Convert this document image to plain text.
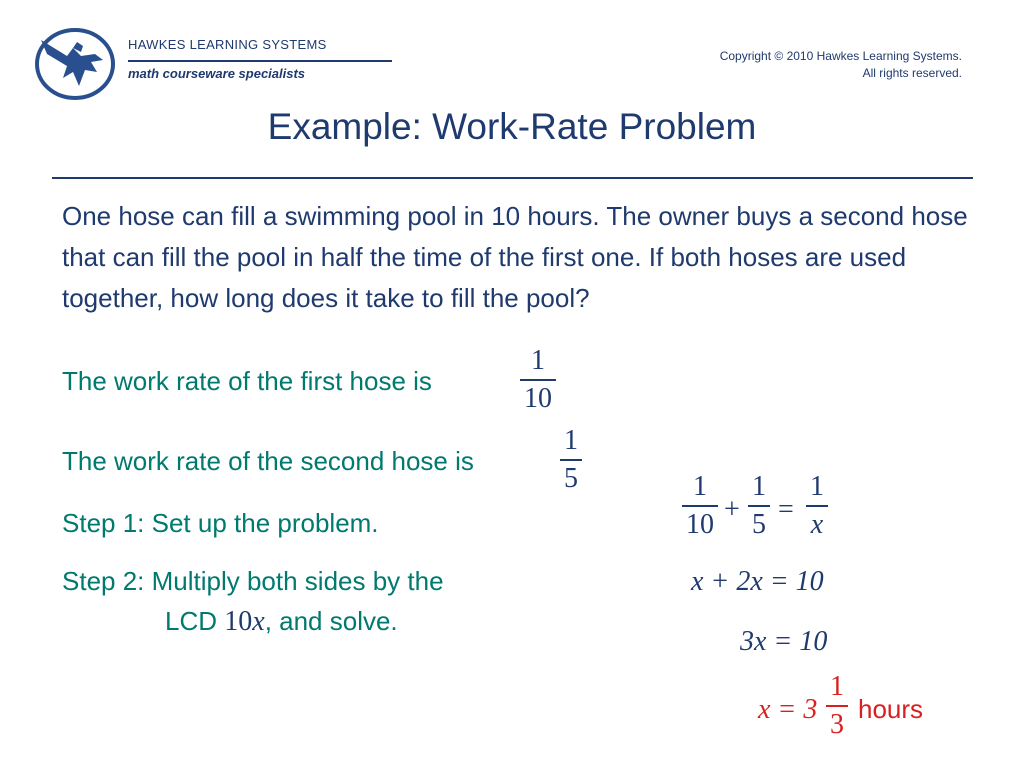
HAWKES LEARNING SYSTEMS
math courseware specialists
Copyright © 2010 Hawkes Learning Systems.
All rights reserved.
Example: Work-Rate Problem
One hose can fill a swimming pool in 10 hours. The owner buys a second hose that can fill the pool in half the time of the first one. If both hoses are used together, how long does it take to fill the pool?
The work rate of the first hose is
1
10
The work rate of the second hose is
1
5
Step 1: Set up the problem.
Step 2: Multiply both sides by the
LCD 10x, and solve.
1
10 +
1
5 =
1
x
x + 2x = 10
3x = 10
x = 3
1
3 hours
